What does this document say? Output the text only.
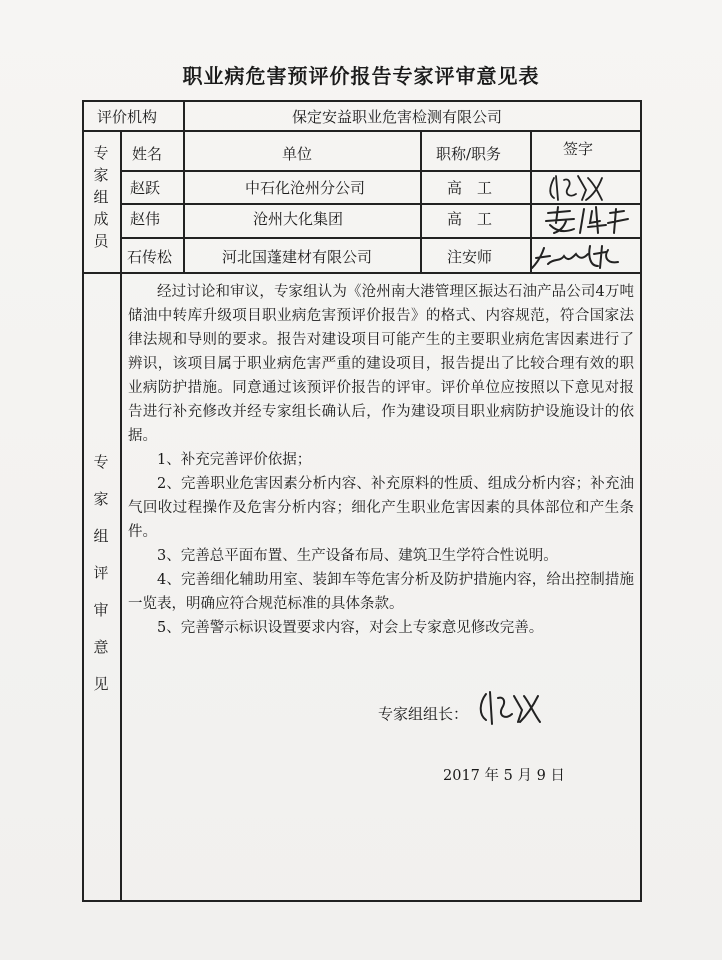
职业病危害预评价报告专家评审意见表
评价机构	保定安益职业危害检测有限公司
专
家
组
成
员
姓名	单位	职称/职务	签字
赵跃	中石化沧州分公司	高　工
赵伟	沧州大化集团	高　工
石传松	河北国蓬建材有限公司	注安师
专
家
组
评
审
意
见

经过讨论和审议，专家组认为《沧州南大港管理区振达石油产品公司4万吨储油中转库升级项目职业病危害预评价报告》的格式、内容规范，符合国家法律法规和导则的要求。报告对建设项目可能产生的主要职业病危害因素进行了辨识，该项目属于职业病危害严重的建设项目，报告提出了比较合理有效的职业病防护措施。同意通过该预评价报告的评审。评价单位应按照以下意见对报告进行补充修改并经专家组长确认后，作为建设项目职业病防护设施设计的依据。

1、补充完善评价依据；

2、完善职业危害因素分析内容、补充原料的性质、组成分析内容；补充油气回收过程操作及危害分析内容；细化产生职业危害因素的具体部位和产生条件。

3、完善总平面布置、生产设备布局、建筑卫生学符合性说明。

4、完善细化辅助用室、装卸车等危害分析及防护措施内容，给出控制措施一览表，明确应符合规范标准的具体条款。

5、完善警示标识设置要求内容，对会上专家意见修改完善。

专家组组长：
2017 年 5 月 9 日
